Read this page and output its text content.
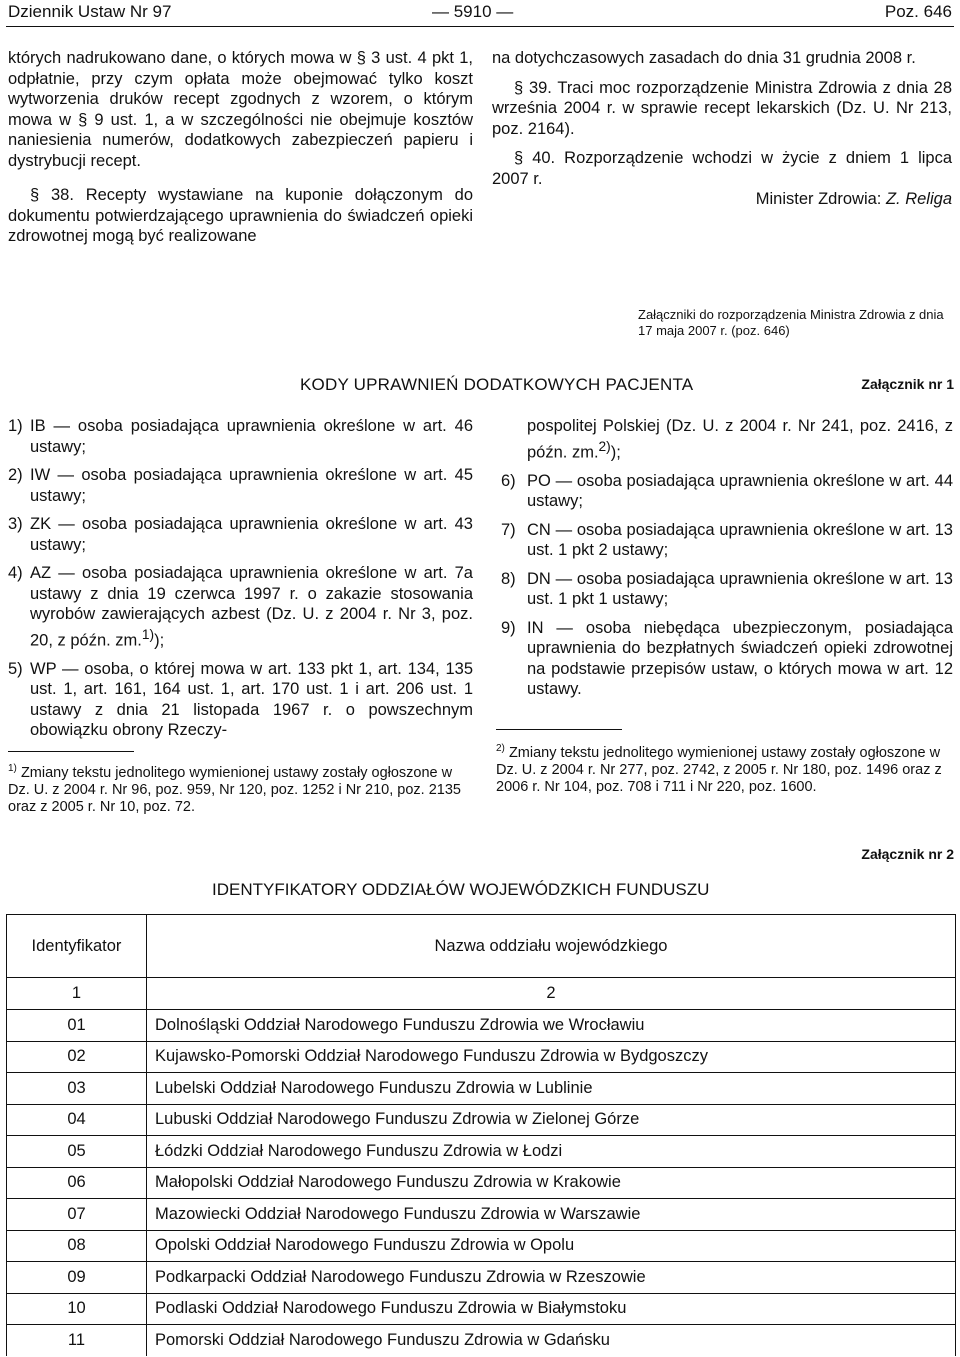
Dziennik Ustaw Nr 97	— 5910 —	Poz. 646

których nadrukowano dane, o których mowa w § 3 ust. 4 pkt 1, odpłatnie, przy czym opłata może obejmować tylko koszt wytworzenia druków recept zgodnych z wzorem, o którym mowa w § 9 ust. 1, a w szczególności nie obejmuje kosztów naniesienia numerów, dodatkowych zabezpieczeń papieru i dystrybucji recept.

§ 38. Recepty wystawiane na kuponie dołączonym do dokumentu potwierdzającego uprawnienia do świadczeń opieki zdrowotnej mogą być realizowane

na dotychczasowych zasadach do dnia 31 grudnia 2008 r.

§ 39. Traci moc rozporządzenie Ministra Zdrowia z dnia 28 września 2004 r. w sprawie recept lekarskich (Dz. U. Nr 213, poz. 2164).

§ 40. Rozporządzenie wchodzi w życie z dniem 1 lipca 2007 r.

Minister Zdrowia: Z. Religa

Załączniki do rozporządzenia Ministra Zdrowia z dnia 17 maja 2007 r. (poz. 646)
Załącznik nr 1
KODY UPRAWNIEŃ DODATKOWYCH PACJENTA
1) IB — osoba posiadająca uprawnienia określone w art. 46 ustawy;
2) IW — osoba posiadająca uprawnienia określone w art. 45 ustawy;
3) ZK — osoba posiadająca uprawnienia określone w art. 43 ustawy;
4) AZ — osoba posiadająca uprawnienia określone w art. 7a ustawy z dnia 19 czerwca 1997 r. o zakazie stosowania wyrobów zawierających azbest (Dz. U. z 2004 r. Nr 3, poz. 20, z późn. zm.$^{1)}$);
5) WP — osoba, o której mowa w art. 133 pkt 1, art. 134, 135 ust. 1, art. 161, 164 ust. 1, art. 170 ust. 1 i art. 206 ust. 1 ustawy z dnia 21 listopada 1967 r. o powszechnym obowiązku obrony Rzeczy-
pospolitej Polskiej (Dz. U. z 2004 r. Nr 241, poz. 2416, z późn. zm.$^{2)}$);
6) PO — osoba posiadająca uprawnienia określone w art. 44 ustawy;
7) CN — osoba posiadająca uprawnienia określone w art. 13 ust. 1 pkt 2 ustawy;
8) DN — osoba posiadająca uprawnienia określone w art. 13 ust. 1 pkt 1 ustawy;
9) IN — osoba niebędąca ubezpieczonym, posiadająca uprawnienia do bezpłatnych świadczeń opieki zdrowotnej na podstawie przepisów ustaw, o których mowa w art. 12 ustawy.
$^{1)}$ Zmiany tekstu jednolitego wymienionej ustawy zostały ogłoszone w Dz. U. z 2004 r. Nr 96, poz. 959, Nr 120, poz. 1252 i Nr 210, poz. 2135 oraz z 2005 r. Nr 10, poz. 72.
$^{2)}$ Zmiany tekstu jednolitego wymienionej ustawy zostały ogłoszone w Dz. U. z 2004 r. Nr 277, poz. 2742, z 2005 r. Nr 180, poz. 1496 oraz z 2006 r. Nr 104, poz. 708 i 711 i Nr 220, poz. 1600.
Załącznik nr 2
IDENTYFIKATORY ODDZIAŁÓW WOJEWÓDZKICH FUNDUSZU
Identyfikator	Nazwa oddziału wojewódzkiego
1	2
01	Dolnośląski Oddział Narodowego Funduszu Zdrowia we Wrocławiu
02	Kujawsko-Pomorski Oddział Narodowego Funduszu Zdrowia w Bydgoszczy
03	Lubelski Oddział Narodowego Funduszu Zdrowia w Lublinie
04	Lubuski Oddział Narodowego Funduszu Zdrowia w Zielonej Górze
05	Łódzki Oddział Narodowego Funduszu Zdrowia w Łodzi
06	Małopolski Oddział Narodowego Funduszu Zdrowia w Krakowie
07	Mazowiecki Oddział Narodowego Funduszu Zdrowia w Warszawie
08	Opolski Oddział Narodowego Funduszu Zdrowia w Opolu
09	Podkarpacki Oddział Narodowego Funduszu Zdrowia w Rzeszowie
10	Podlaski Oddział Narodowego Funduszu Zdrowia w Białymstoku
11	Pomorski Oddział Narodowego Funduszu Zdrowia w Gdańsku
